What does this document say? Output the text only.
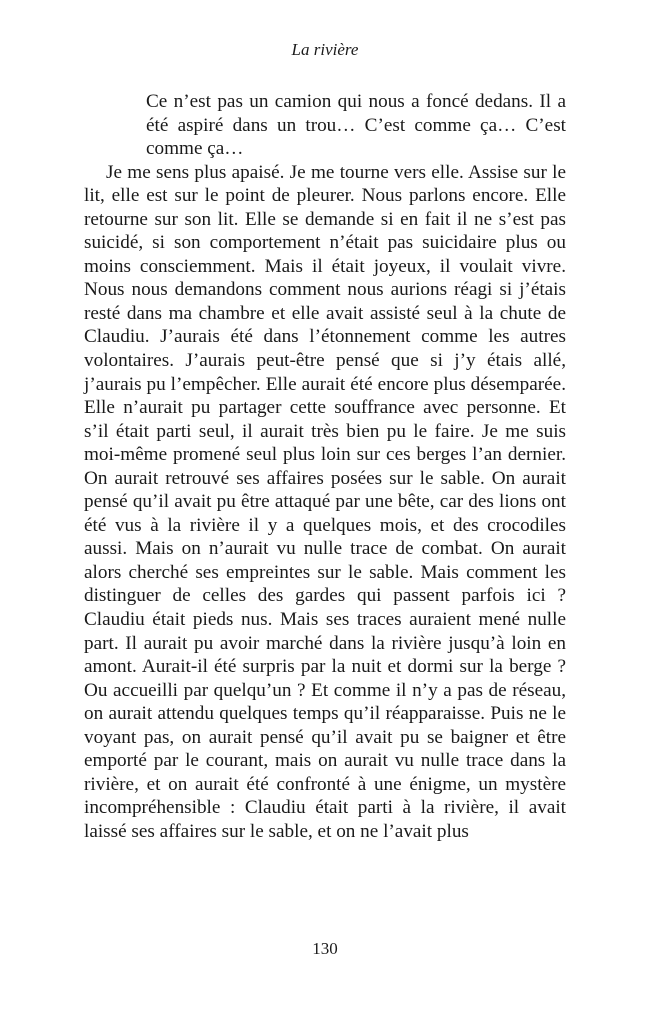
La rivière

Ce n’est pas un camion qui nous a foncé dedans. Il a été aspiré dans un trou… C’est comme ça… C’est comme ça…

Je me sens plus apaisé. Je me tourne vers elle. Assise sur le lit, elle est sur le point de pleurer. Nous parlons encore. Elle retourne sur son lit. Elle se demande si en fait il ne s’est pas suicidé, si son comportement n’était pas suicidaire plus ou moins consciemment. Mais il était joyeux, il voulait vivre. Nous nous demandons comment nous aurions réagi si j’étais resté dans ma chambre et elle avait assisté seul à la chute de Claudiu. J’aurais été dans l’étonnement comme les autres volontaires. J’aurais peut-être pensé que si j’y étais allé, j’aurais pu l’empêcher. Elle aurait été encore plus désemparée. Elle n’aurait pu partager cette souffrance avec personne. Et s’il était parti seul, il aurait très bien pu le faire. Je me suis moi-même promené seul plus loin sur ces berges l’an dernier. On aurait retrouvé ses affaires posées sur le sable. On aurait pensé qu’il avait pu être attaqué par une bête, car des lions ont été vus à la rivière il y a quelques mois, et des crocodiles aussi. Mais on n’aurait vu nulle trace de combat. On aurait alors cherché ses empreintes sur le sable. Mais comment les distinguer de celles des gardes qui passent parfois ici ? Claudiu était pieds nus. Mais ses traces auraient mené nulle part. Il aurait pu avoir marché dans la rivière jusqu’à loin en amont. Aurait-il été surpris par la nuit et dormi sur la berge ? Ou accueilli par quelqu’un ? Et comme il n’y a pas de réseau, on aurait attendu quelques temps qu’il réapparaisse. Puis ne le voyant pas, on aurait pensé qu’il avait pu se baigner et être emporté par le courant, mais on aurait vu nulle trace dans la rivière, et on aurait été confronté à une énigme, un mystère incompréhensible : Claudiu était parti à la rivière, il avait laissé ses affaires sur le sable, et on ne l’avait plus

130
